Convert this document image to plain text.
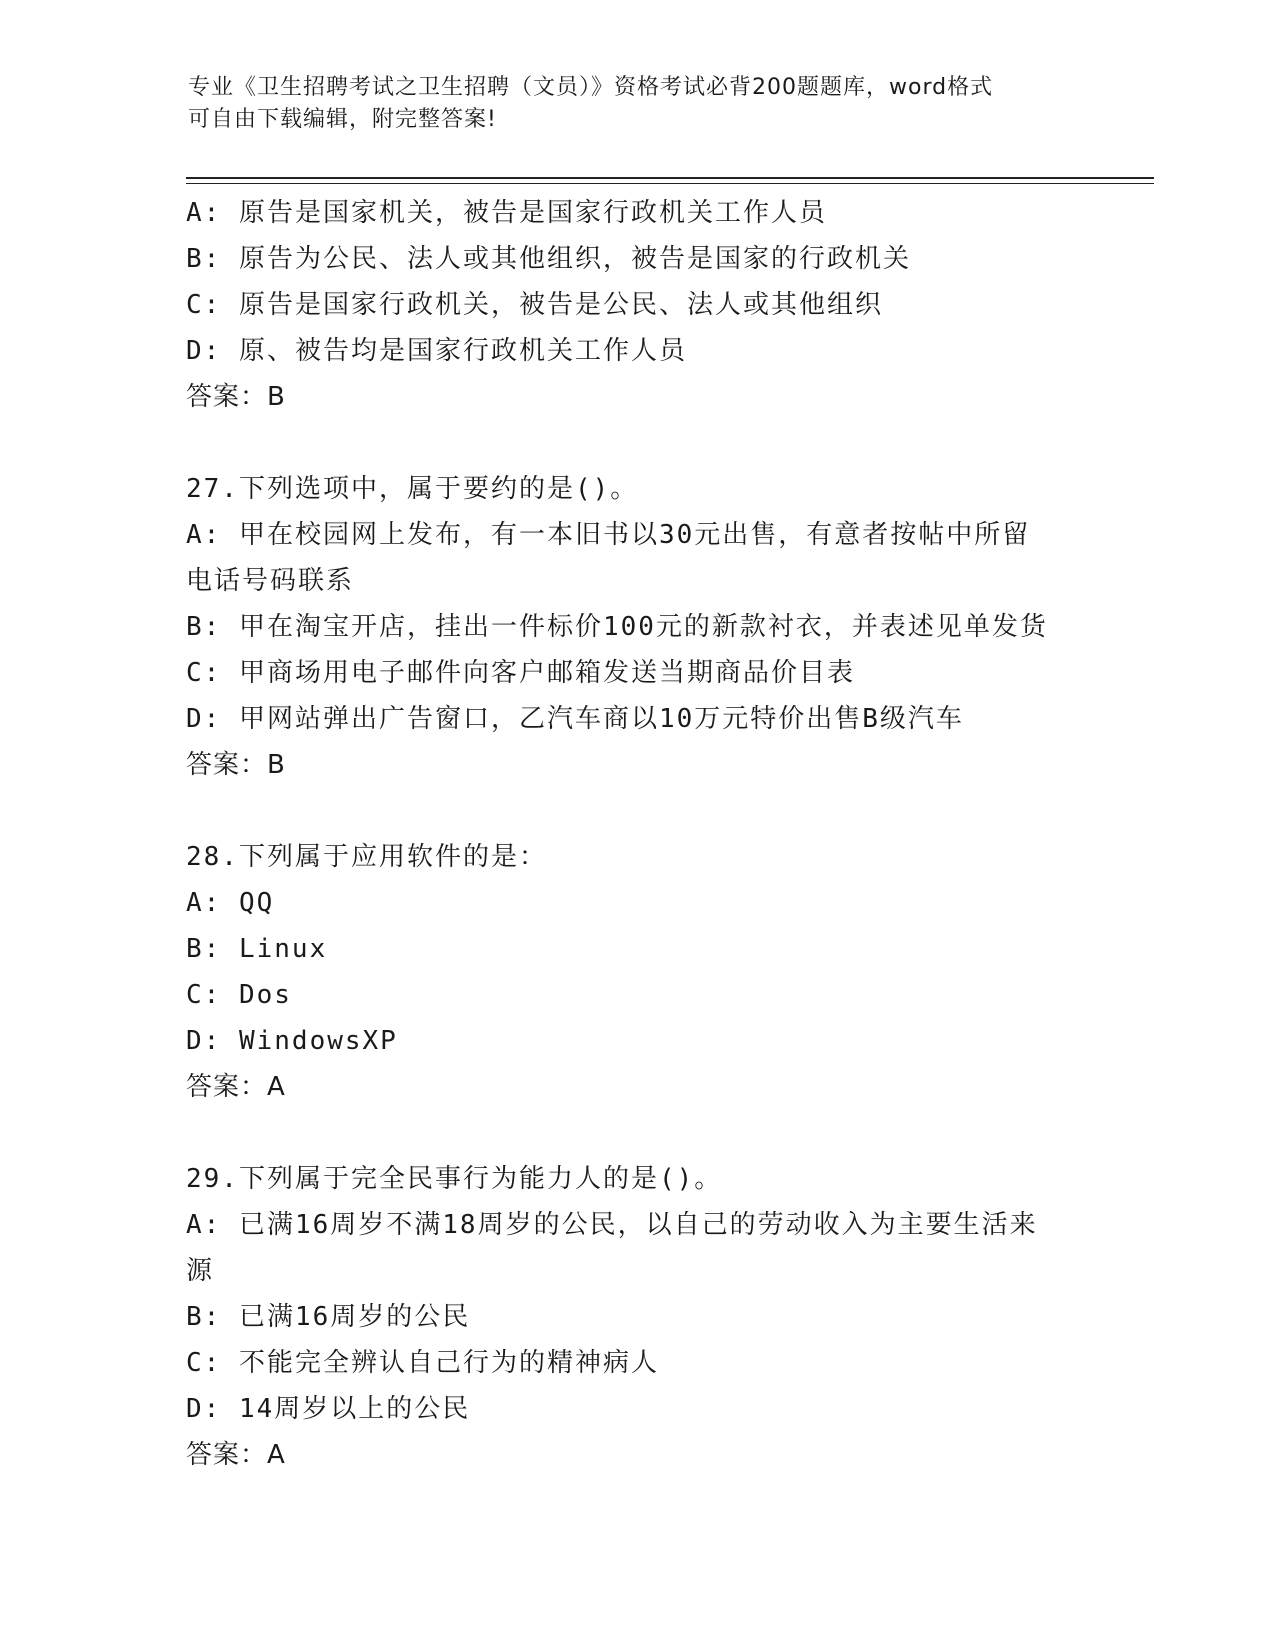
专业《卫生招聘考试之卫生招聘（文员）》资格考试必背200题题库，word格式
可自由下载编辑，附完整答案!
A: 原告是国家机关，被告是国家行政机关工作人员
B: 原告为公民、法人或其他组织，被告是国家的行政机关
C: 原告是国家行政机关，被告是公民、法人或其他组织
D: 原、被告均是国家行政机关工作人员
答案：B
27.下列选项中，属于要约的是()。
A: 甲在校园网上发布，有一本旧书以30元出售，有意者按帖中所留
电话号码联系
B: 甲在淘宝开店，挂出一件标价100元的新款衬衣，并表述见单发货
C: 甲商场用电子邮件向客户邮箱发送当期商品价目表
D: 甲网站弹出广告窗口，乙汽车商以10万元特价出售B级汽车
答案：B
28.下列属于应用软件的是：
A: QQ
B: Linux
C: Dos
D: WindowsXP
答案：A
29.下列属于完全民事行为能力人的是()。
A: 已满16周岁不满18周岁的公民，以自己的劳动收入为主要生活来
源
B: 已满16周岁的公民
C: 不能完全辨认自己行为的精神病人
D: 14周岁以上的公民
答案：A
